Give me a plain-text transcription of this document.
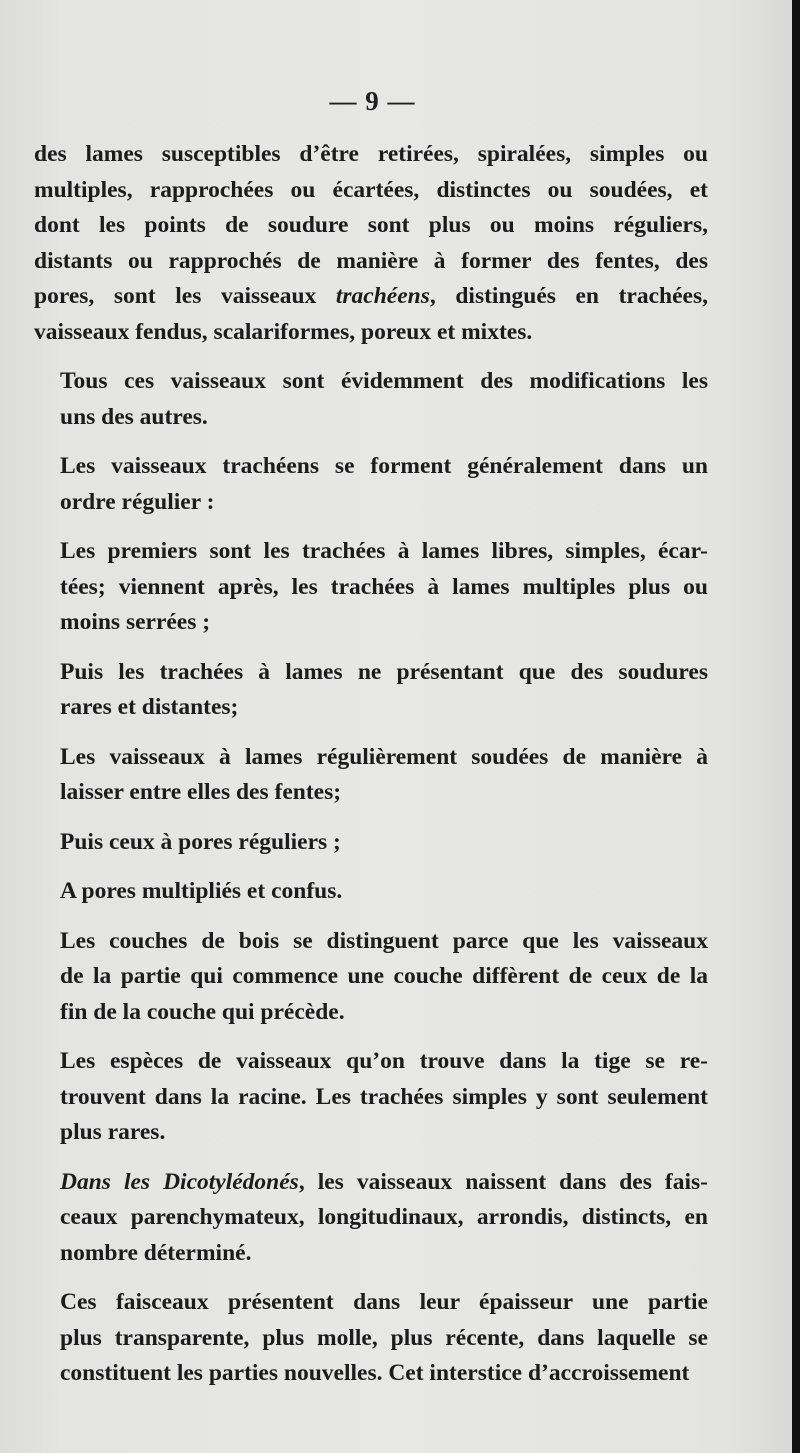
— 9 —
des lames susceptibles d’être retirées, spiralées, simples ou
multiples, rapprochées ou écartées, distinctes ou soudées, et
dont les points de soudure sont plus ou moins réguliers,
distants ou rapprochés de manière à former des fentes, des
pores, sont les vaisseaux trachéens, distingués en trachées,
vaisseaux fendus, scalariformes, poreux et mixtes.
Tous ces vaisseaux sont évidemment des modifications les
uns des autres.
Les vaisseaux trachéens se forment généralement dans un
ordre régulier :
Les premiers sont les trachées à lames libres, simples, écar-
tées; viennent après, les trachées à lames multiples plus ou
moins serrées ;
Puis les trachées à lames ne présentant que des soudures
rares et distantes;
Les vaisseaux à lames régulièrement soudées de manière à
laisser entre elles des fentes;
Puis ceux à pores réguliers ;
A pores multipliés et confus.
Les couches de bois se distinguent parce que les vaisseaux
de la partie qui commence une couche diffèrent de ceux de la
fin de la couche qui précède.
Les espèces de vaisseaux qu’on trouve dans la tige se re-
trouvent dans la racine. Les trachées simples y sont seulement
plus rares.
Dans les Dicotylédonés, les vaisseaux naissent dans des fais-
ceaux parenchymateux, longitudinaux, arrondis, distincts, en
nombre déterminé.
Ces faisceaux présentent dans leur épaisseur une partie
plus transparente, plus molle, plus récente, dans laquelle se
constituent les parties nouvelles. Cet interstice d’accroissement
